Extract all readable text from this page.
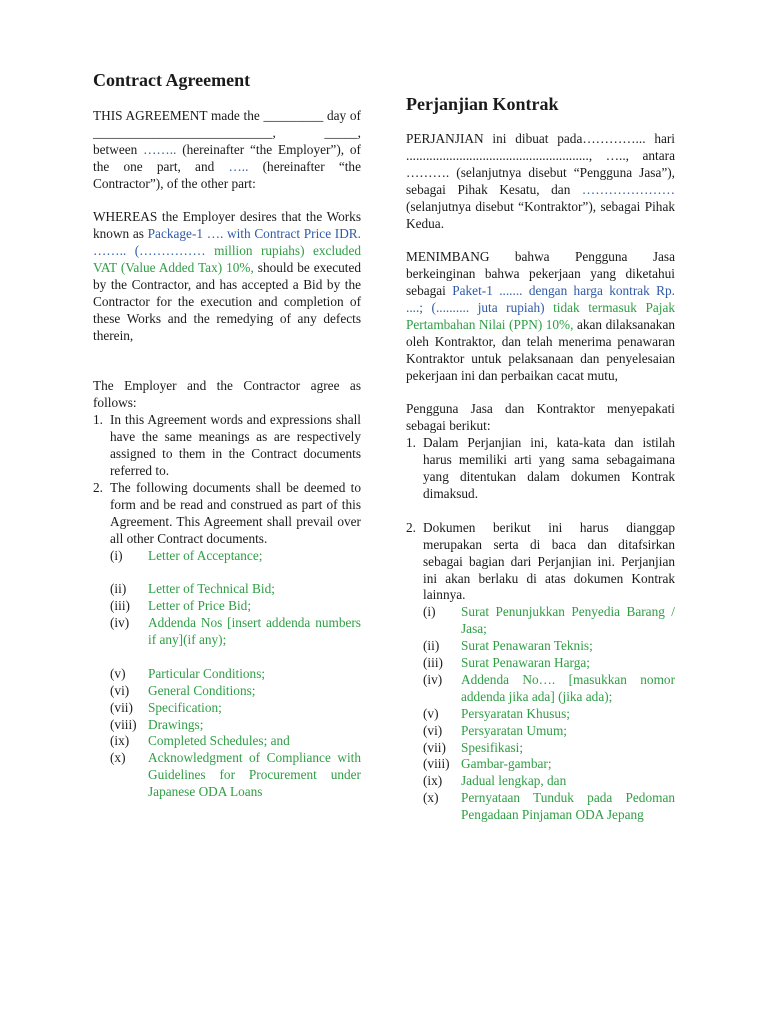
Contract Agreement

THIS AGREEMENT made the _________ day of ___________________________, _____, between …….. (hereinafter “the Employer”), of the one part, and ….. (hereinafter “the Contractor”), of the other part:

WHEREAS the Employer desires that the Works known as Package-1 …. with Contract Price IDR. …….. (…………… million rupiahs) excluded VAT (Value Added Tax) 10%, should be executed by the Contractor, and has accepted a Bid by the Contractor for the execution and completion of these Works and the remedying of any defects therein,

The Employer and the Contractor agree as follows:

1. In this Agreement words and expressions shall have the same meanings as are respectively assigned to them in the Contract documents referred to.
2. The following documents shall be deemed to form and be read and construed as part of this Agreement. This Agreement shall prevail over all other Contract documents.
(i) Letter of Acceptance;
(ii) Letter of Technical Bid;
(iii) Letter of Price Bid;
(iv) Addenda Nos [insert addenda numbers if any](if any);
(v) Particular Conditions;
(vi) General Conditions;
(vii) Specification;
(viii) Drawings;
(ix) Completed Schedules; and
(x) Acknowledgment of Compliance with Guidelines for Procurement under Japanese ODA Loans
Perjanjian Kontrak

PERJANJIAN ini dibuat pada…………... hari ......................................................., ….., antara ………. (selanjutnya disebut “Pengguna Jasa”), sebagai Pihak Kesatu, dan ………………… (selanjutnya disebut “Kontraktor”), sebagai Pihak Kedua.

MENIMBANG bahwa Pengguna Jasa berkeinginan bahwa pekerjaan yang diketahui sebagai Paket-1 ....... dengan harga kontrak Rp. ....; (.......... juta rupiah) tidak termasuk Pajak Pertambahan Nilai (PPN) 10%, akan dilaksanakan oleh Kontraktor, dan telah menerima penawaran Kontraktor untuk pelaksanaan dan penyelesaian pekerjaan ini dan perbaikan cacat mutu,

Pengguna Jasa dan Kontraktor menyepakati sebagai berikut:

1. Dalam Perjanjian ini, kata-kata dan istilah harus memiliki arti yang sama sebagaimana yang ditentukan dalam dokumen Kontrak dimaksud.
2. Dokumen berikut ini harus dianggap merupakan serta di baca dan ditafsirkan sebagai bagian dari Perjanjian ini. Perjanjian ini akan berlaku di atas dokumen Kontrak lainnya.
(i) Surat Penunjukkan Penyedia Barang / Jasa;
(ii) Surat Penawaran Teknis;
(iii) Surat Penawaran Harga;
(iv) Addenda No…. [masukkan nomor addenda jika ada] (jika ada);
(v) Persyaratan Khusus;
(vi) Persyaratan Umum;
(vii) Spesifikasi;
(viii) Gambar-gambar;
(ix) Jadual lengkap, dan
(x) Pernyataan Tunduk pada Pedoman Pengadaan Pinjaman ODA Jepang
